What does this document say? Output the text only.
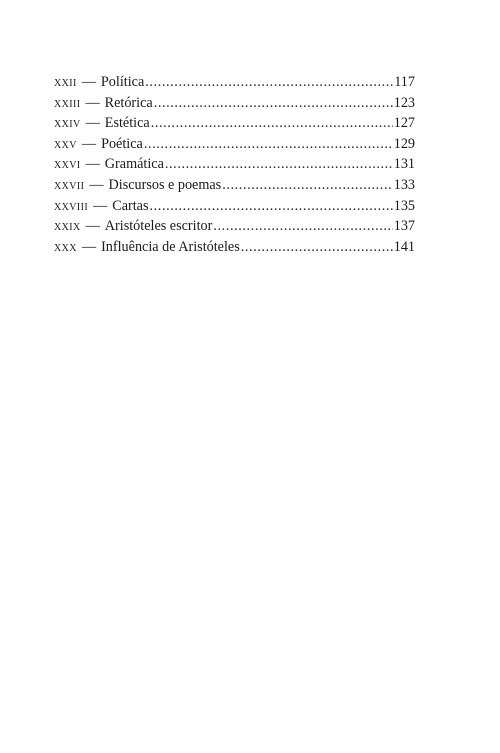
xxii — Política .....	117
xxiii — Retórica .....	123
xxiv — Estética .....	127
xxv — Poética .....	129
xxvi — Gramática .....	131
xxvii — Discursos e poemas .....	133
xxviii — Cartas .....	135
xxix — Aristóteles escritor .....	137
xxx — Influência de Aristóteles .....	141
